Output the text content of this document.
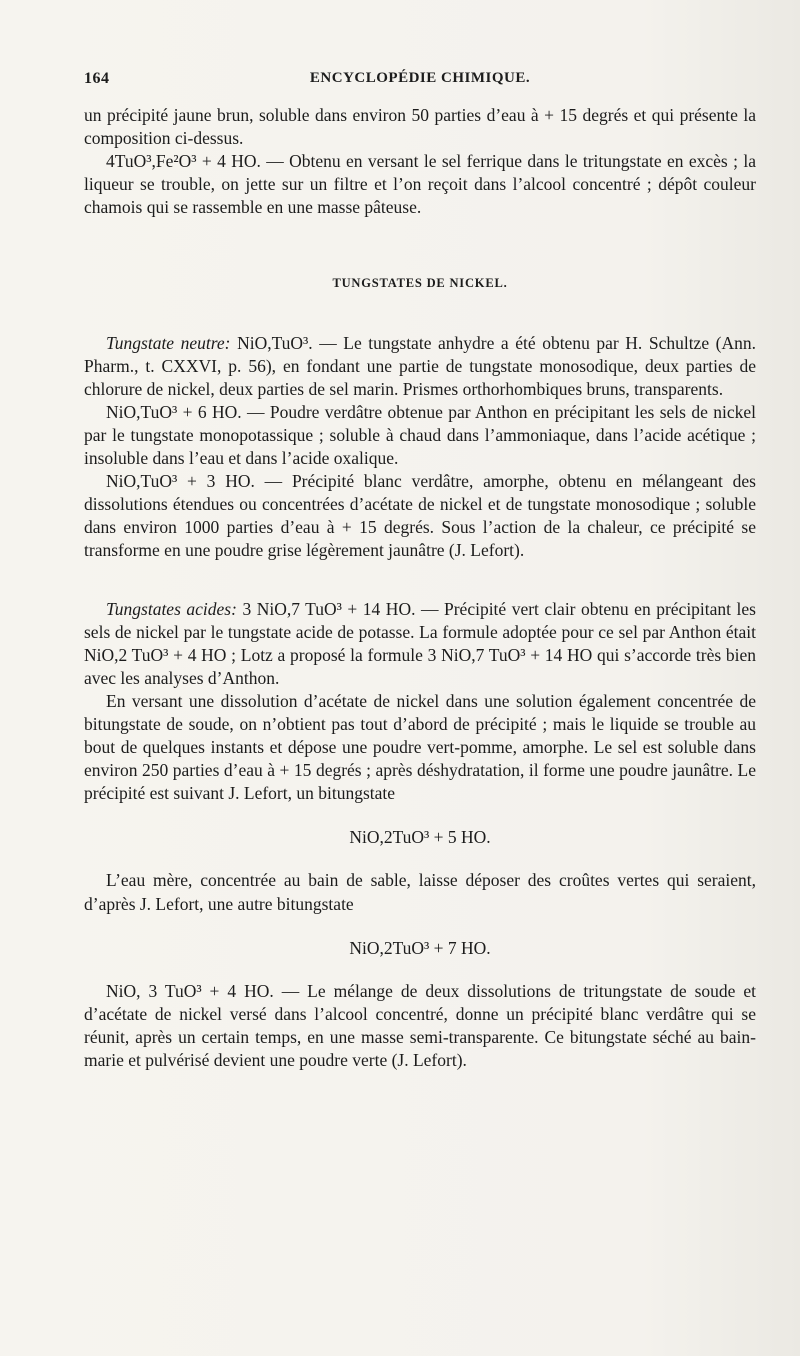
164	ENCYCLOPÉDIE CHIMIQUE.

un précipité jaune brun, soluble dans environ 50 parties d’eau à + 15 degrés et qui présente la composition ci-dessus.

4TuO³,Fe²O³ + 4 HO. — Obtenu en versant le sel ferrique dans le tritungstate en excès ; la liqueur se trouble, on jette sur un filtre et l’on reçoit dans l’alcool concentré ; dépôt couleur chamois qui se rassemble en une masse pâteuse.

TUNGSTATES DE NICKEL.

Tungstate neutre: NiO,TuO³. — Le tungstate anhydre a été obtenu par H. Schultze (Ann. Pharm., t. CXXVI, p. 56), en fondant une partie de tungstate monosodique, deux parties de chlorure de nickel, deux parties de sel marin. Prismes orthorhombiques bruns, transparents.

NiO,TuO³ + 6 HO. — Poudre verdâtre obtenue par Anthon en précipitant les sels de nickel par le tungstate monopotassique ; soluble à chaud dans l’ammoniaque, dans l’acide acétique ; insoluble dans l’eau et dans l’acide oxalique.

NiO,TuO³ + 3 HO. — Précipité blanc verdâtre, amorphe, obtenu en mélangeant des dissolutions étendues ou concentrées d’acétate de nickel et de tungstate monosodique ; soluble dans environ 1000 parties d’eau à + 15 degrés. Sous l’action de la chaleur, ce précipité se transforme en une poudre grise légèrement jaunâtre (J. Lefort).

Tungstates acides: 3 NiO,7 TuO³ + 14 HO. — Précipité vert clair obtenu en précipitant les sels de nickel par le tungstate acide de potasse. La formule adoptée pour ce sel par Anthon était NiO,2 TuO³ + 4 HO ; Lotz a proposé la formule 3 NiO,7 TuO³ + 14 HO qui s’accorde très bien avec les analyses d’Anthon.

En versant une dissolution d’acétate de nickel dans une solution également concentrée de bitungstate de soude, on n’obtient pas tout d’abord de précipité ; mais le liquide se trouble au bout de quelques instants et dépose une poudre vert-pomme, amorphe. Le sel est soluble dans environ 250 parties d’eau à + 15 degrés ; après déshydratation, il forme une poudre jaunâtre. Le précipité est suivant J. Lefort, un bitungstate

NiO,2TuO³ + 5 HO.

L’eau mère, concentrée au bain de sable, laisse déposer des croûtes vertes qui seraient, d’après J. Lefort, une autre bitungstate

NiO,2TuO³ + 7 HO.

NiO, 3 TuO³ + 4 HO. — Le mélange de deux dissolutions de tritungstate de soude et d’acétate de nickel versé dans l’alcool concentré, donne un précipité blanc verdâtre qui se réunit, après un certain temps, en une masse semi-transparente. Ce bitungstate séché au bain-marie et pulvérisé devient une poudre verte (J. Lefort).
